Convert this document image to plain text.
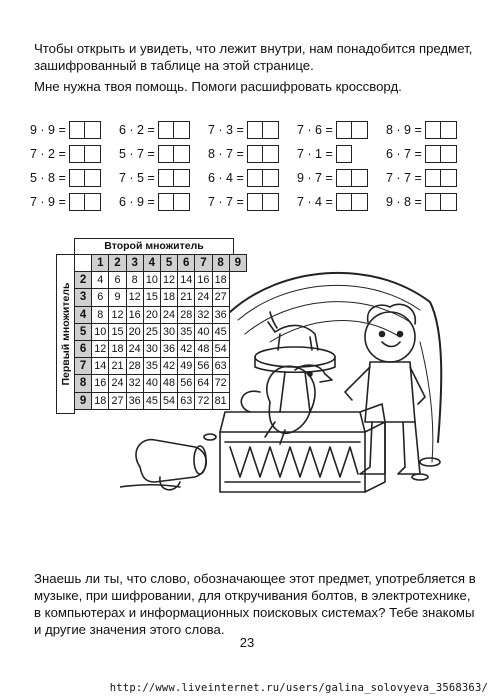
Чтобы открыть и увидеть, что лежит внутри, нам понадобится предмет, зашифрованный в таблице на этой странице.

Мне нужна твоя помощь. Помоги расшифровать кроссворд.

9 · 9 =	6 · 2 =	7 · 3 =	7 · 6 =	8 · 9 =
7 · 2 =	5 · 7 =	8 · 7 =	7 · 1 =	6 · 7 =
5 · 8 =	7 · 5 =	6 · 4 =	9 · 7 =	7 · 7 =
7 · 9 =	6 · 9 =	7 · 7 =	7 · 4 =	9 · 8 =
Второй множитель
Первый множитель
	1	2	3	4	5	6	7	8	9
2	4	6	8	10	12	14	16	18	
3	6	9	12	15	18	21	24	27	
4	8	12	16	20	24	28	32	36	
5	10	15	20	25	30	35	40	45	
6	12	18	24	30	36	42	48	54	
7	14	21	28	35	42	49	56	63	
8	16	24	32	40	48	56	64	72	
9	18	27	36	45	54	63	72	81	

Знаешь ли ты, что слово, обозначающее этот предмет, употребляется в музыке, при шифровании, для откручивания болтов, в электротехнике, в компьютерах и информационных поисковых системах? Тебе знакомы и другие значения этого слова.

23
http://www.liveinternet.ru/users/galina_solovyeva_3568363/
